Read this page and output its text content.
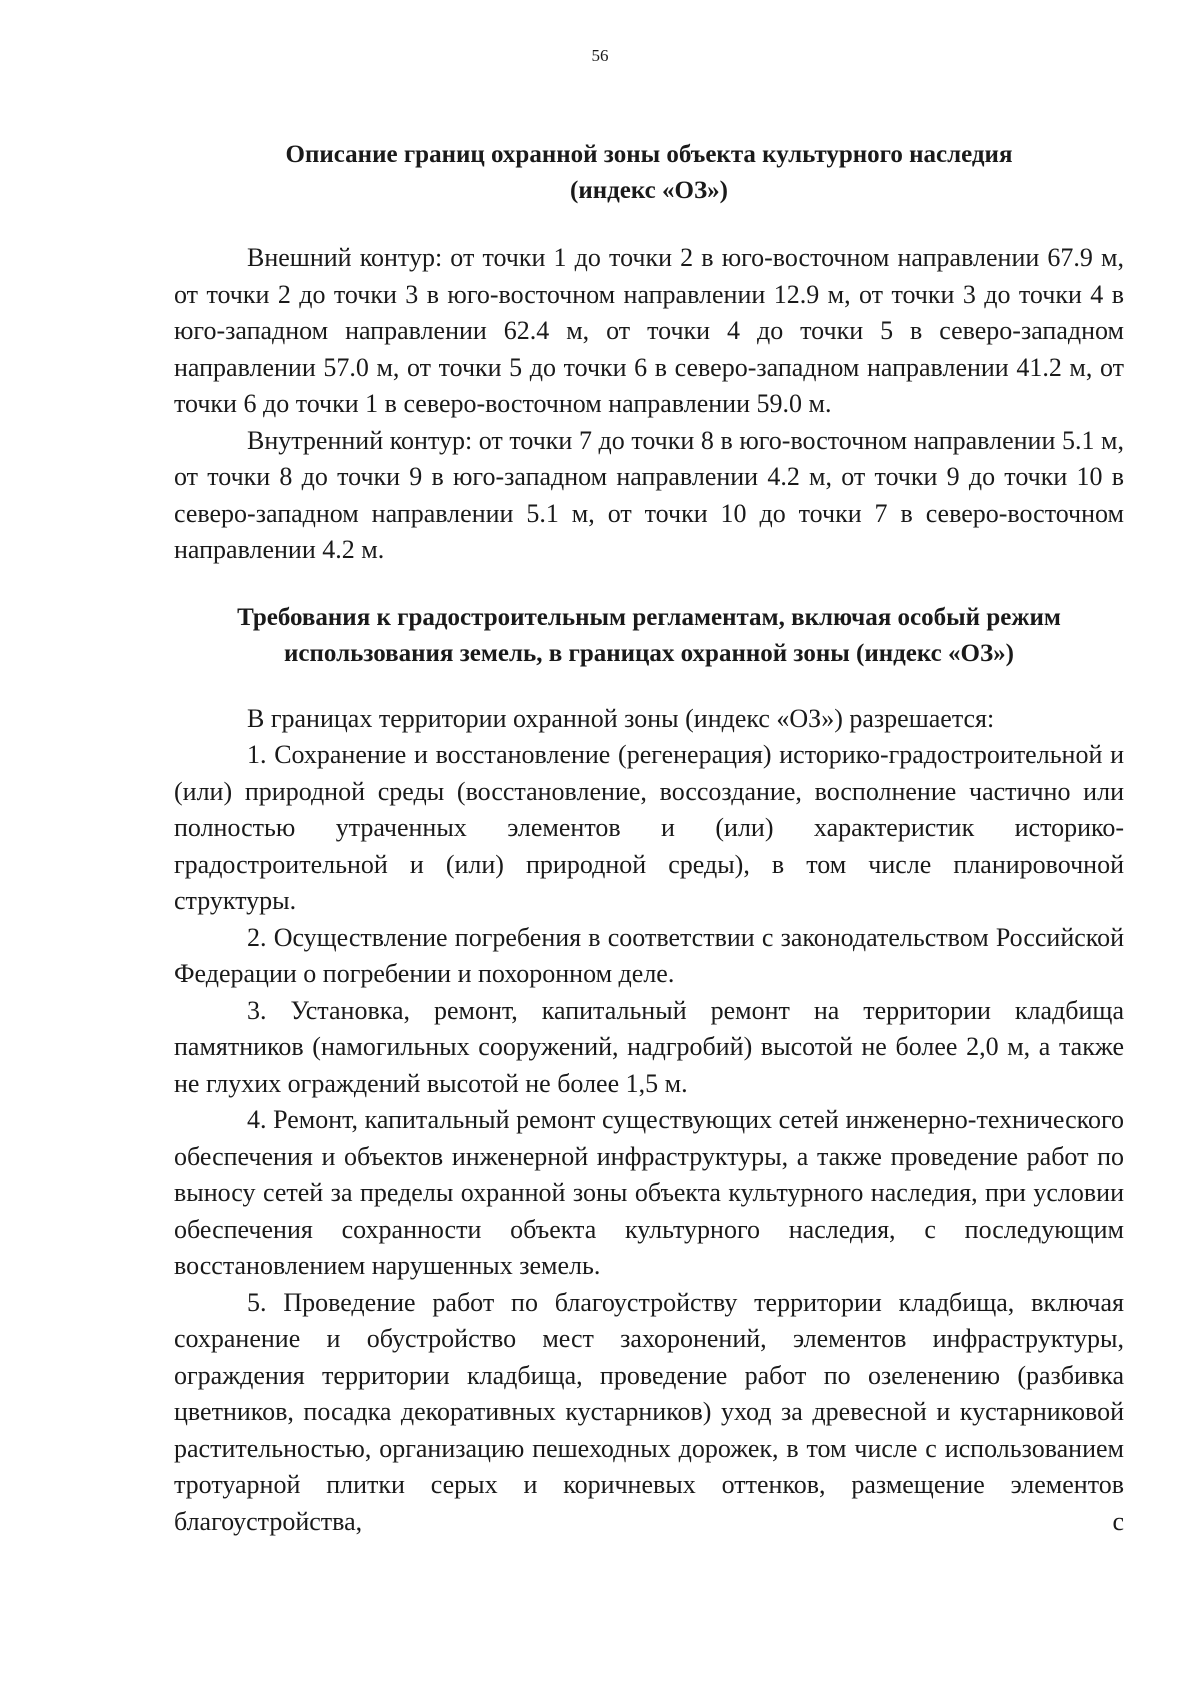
56
Описание границ охранной зоны объекта культурного наследия
(индекс «ОЗ»)

Внешний контур: от точки 1 до точки 2 в юго-восточном направлении 67.9 м, от точки 2 до точки 3 в юго-восточном направлении 12.9 м, от точки 3 до точки 4 в юго-западном направлении 62.4 м, от точки 4 до точки 5 в северо-западном направлении 57.0 м, от точки 5 до точки 6 в северо-западном направлении 41.2 м, от точки 6 до точки 1 в северо-восточном направлении 59.0 м.

Внутренний контур: от точки 7 до точки 8 в юго-восточном направлении 5.1 м, от точки 8 до точки 9 в юго-западном направлении 4.2 м, от точки 9 до точки 10 в северо-западном направлении 5.1 м, от точки 10 до точки 7 в северо-восточном направлении 4.2 м.

Требования к градостроительным регламентам, включая особый режим
использования земель, в границах охранной зоны (индекс «ОЗ»)

В границах территории охранной зоны (индекс «ОЗ») разрешается:

1. Сохранение и восстановление (регенерация) историко-градостроительной и (или) природной среды (восстановление, воссоздание, восполнение частично или полностью утраченных элементов и (или) характеристик историко-градостроительной и (или) природной среды), в том числе планировочной структуры.

2. Осуществление погребения в соответствии с законодательством Российской Федерации о погребении и похоронном деле.

3. Установка, ремонт, капитальный ремонт на территории кладбища памятников (намогильных сооружений, надгробий) высотой не более 2,0 м, а также не глухих ограждений высотой не более 1,5 м.

4. Ремонт, капитальный ремонт существующих сетей инженерно-технического обеспечения и объектов инженерной инфраструктуры, а также проведение работ по выносу сетей за пределы охранной зоны объекта культурного наследия, при условии обеспечения сохранности объекта культурного наследия, с последующим восстановлением нарушенных земель.

5. Проведение работ по благоустройству территории кладбища, включая сохранение и обустройство мест захоронений, элементов инфраструктуры, ограждения территории кладбища, проведение работ по озеленению (разбивка цветников, посадка декоративных кустарников) уход за древесной и кустарниковой растительностью, организацию пешеходных дорожек, в том числе с использованием тротуарной плитки серых и коричневых оттенков, размещение элементов благоустройства, с
